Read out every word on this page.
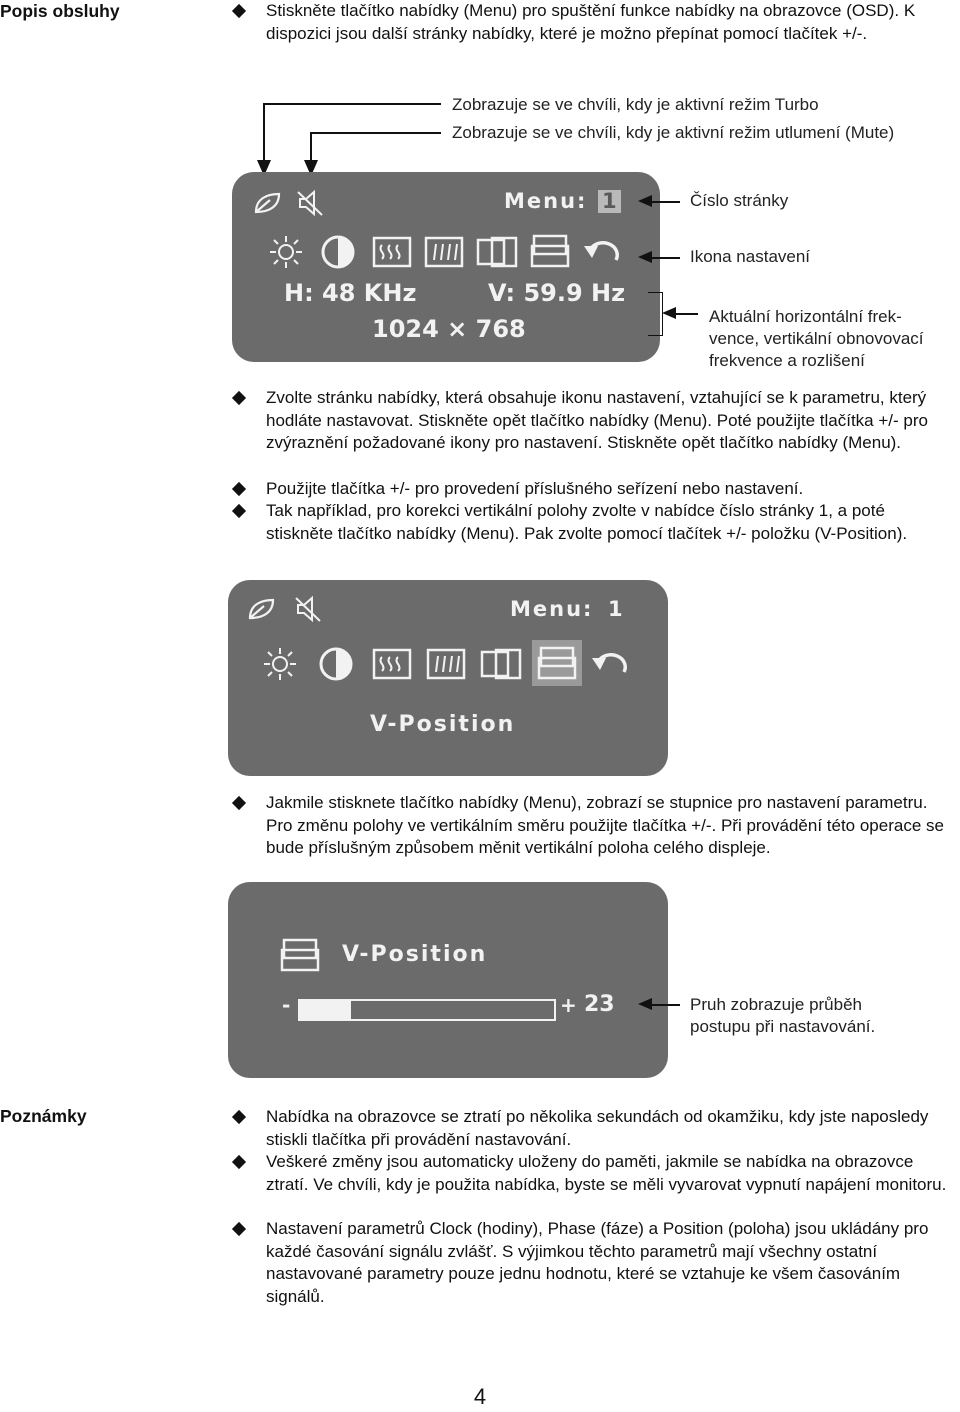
Popis obsluhy	Stiskněte tlačítko nabídky (Menu) pro spuštění funkce nabídky na obrazovce (OSD). K dispozici jsou další stránky nabídky, které je možno přepínat pomocí tlačítek +/-.
Zobrazuje se ve chvíli, kdy je aktivní režim Turbo
Zobrazuje se ve chvíli, kdy je aktivní režim utlumení (Mute)
Menu: 1
H: 48 KHz	V: 59.9 Hz
1024 × 768
Číslo stránky
Ikona nastavení
Aktuální horizontální frek-
vence, vertikální obnovovací
frekvence a rozlišení
Zvolte stránku nabídky, která obsahuje ikonu nastavení, vztahující se k parametru, který hodláte nastavovat. Stiskněte opět tlačítko nabídky (Menu). Poté použijte tlačítka +/- pro zvýraznění požadované ikony pro nastavení. Stiskněte opět tlačítko nabídky (Menu).
Použijte tlačítka +/- pro provedení příslušného seřízení nebo nastavení.
Tak například, pro korekci vertikální polohy zvolte v nabídce číslo stránky 1, a poté stiskněte tlačítko nabídky (Menu). Pak zvolte pomocí tlačítek +/- položku (V-Position).
Menu: 1
V-Position
Jakmile stisknete tlačítko nabídky (Menu), zobrazí se stupnice pro nastavení parametru. Pro změnu polohy ve vertikálním směru použijte tlačítka +/-. Při provádění této operace se bude příslušným způsobem měnit vertikální poloha celého displeje.
V-Position
-	+ 23	Pruh zobrazuje průběh
postupu při nastavování.
Poznámky	Nabídka na obrazovce se ztratí po několika sekundách od okamžiku, kdy jste naposledy stiskli tlačítka při provádění nastavování.
Veškeré změny jsou automaticky uloženy do paměti, jakmile se nabídka na obrazovce ztratí. Ve chvíli, kdy je použita nabídka, byste se měli vyvarovat vypnutí napájení monitoru.
Nastavení parametrů Clock (hodiny), Phase (fáze) a Position (poloha) jsou ukládány pro každé časování signálu zvlášť. S výjimkou těchto parametrů mají všechny ostatní nastavované parametry pouze jednu hodnotu, které se vztahuje ke všem časováním signálů.
4
